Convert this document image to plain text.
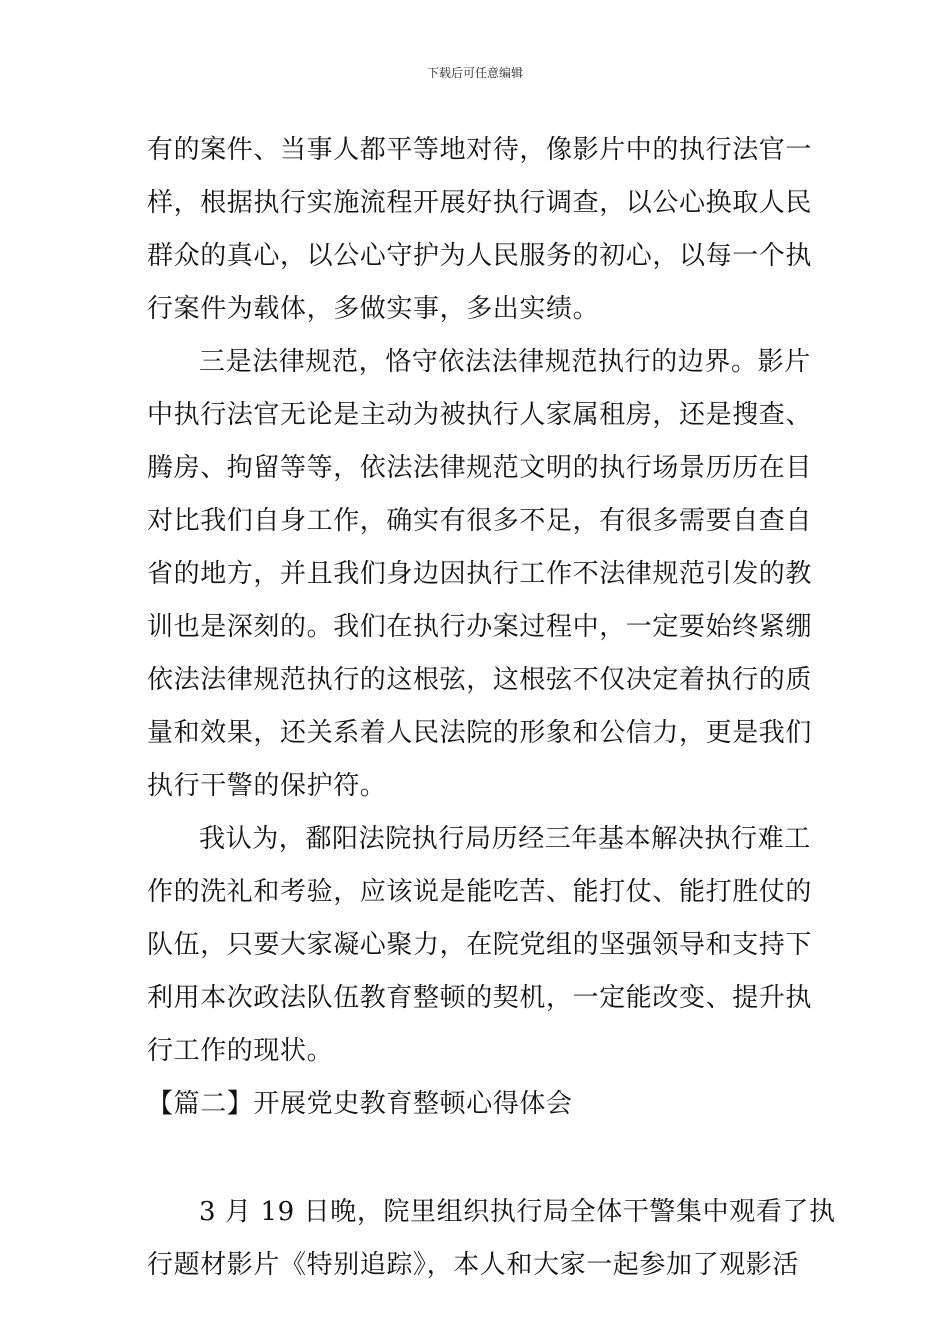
下载后可任意编辑

有的案件、当事人都平等地对待，像影片中的执行法官一
样，根据执行实施流程开展好执行调查，以公心换取人民
群众的真心，以公心守护为人民服务的初心，以每一个执
行案件为载体，多做实事，多出实绩。

三是法律规范，恪守依法法律规范执行的边界。影片
中执行法官无论是主动为被执行人家属租房，还是搜查、
腾房、拘留等等，依法法律规范文明的执行场景历历在目
对比我们自身工作，确实有很多不足，有很多需要自查自
省的地方，并且我们身边因执行工作不法律规范引发的教
训也是深刻的。我们在执行办案过程中，一定要始终紧绷
依法法律规范执行的这根弦，这根弦不仅决定着执行的质
量和效果，还关系着人民法院的形象和公信力，更是我们
执行干警的保护符。

我认为，鄱阳法院执行局历经三年基本解决执行难工
作的洗礼和考验，应该说是能吃苦、能打仗、能打胜仗的
队伍，只要大家凝心聚力，在院党组的坚强领导和支持下
利用本次政法队伍教育整顿的契机，一定能改变、提升执
行工作的现状。

【篇二】开展党史教育整顿心得体会

3 月 19 日晚，院里组织执行局全体干警集中观看了执
行题材影片《特别追踪》，本人和大家一起参加了观影活
